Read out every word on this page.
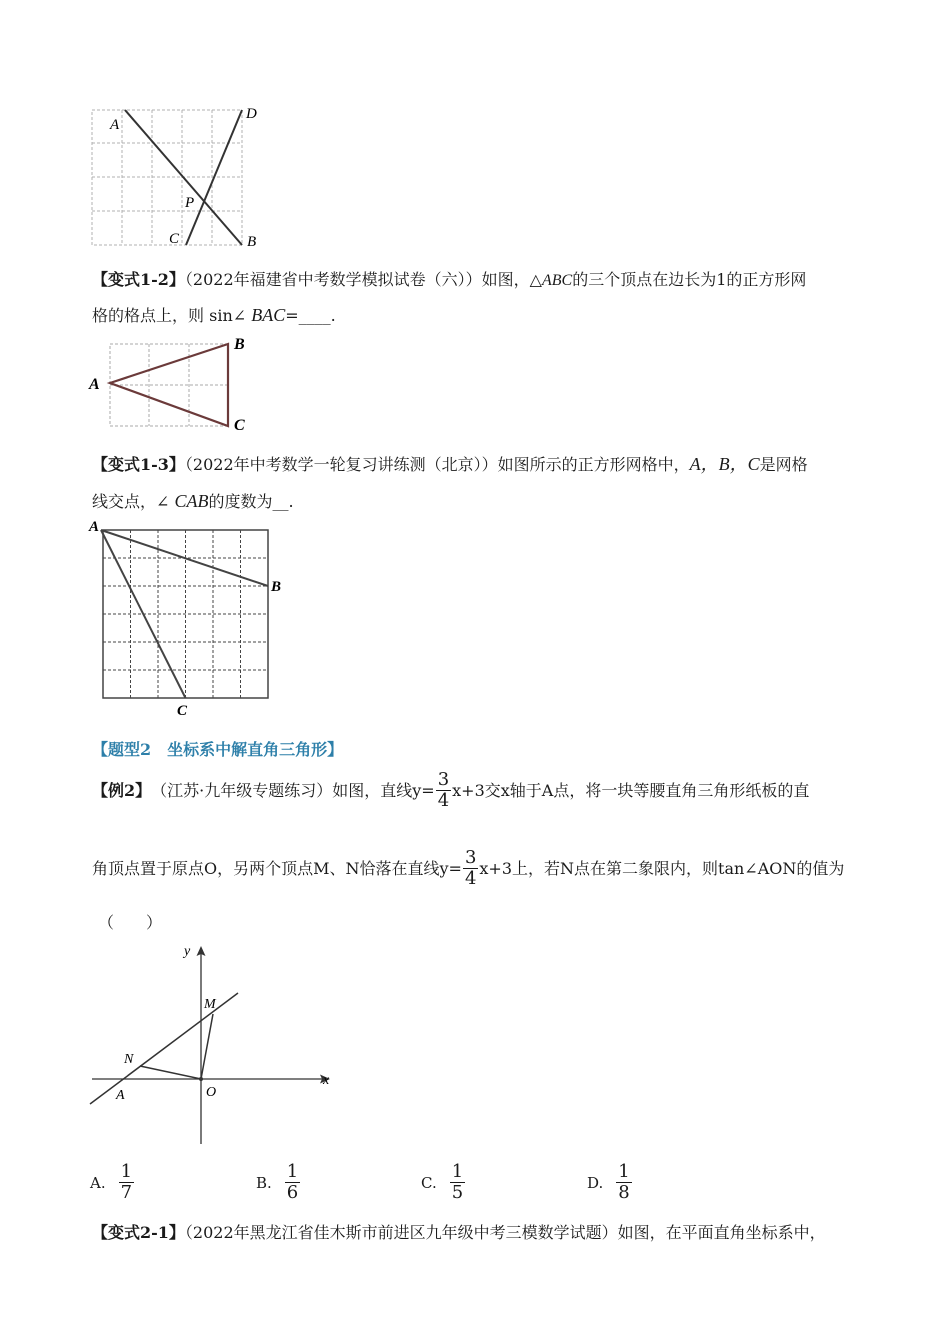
A
D
P
C	B
【变式1-2】（2022年福建省中考数学模拟试卷（六））如图，△ABC的三个顶点在边长为1的正方形网
格的格点上，则 sin∠ BAC=____.
A
B
C
【变式1-3】（2022年中考数学一轮复习讲练测（北京））如图所示的正方形网格中，A，B，C是网格
线交点，∠ CAB的度数为__.
A
B
C
【题型2　坐标系中解直角三角形】
【例2】 （江苏·九年级专题练习）如图，直线$y= \frac{3}{4} x+3$交x轴于A点，将一块等腰直角三角形纸板的直
角顶点置于原点O，另两个顶点M、N恰落在直线$y= \frac{3}{4} x+3$上，若N点在第二象限内，则tan∠AON的值为
（　　）
y
x
M
N
O
A
A. $\frac{1}{7}$	B. $\frac{1}{6}$	C. $\frac{1}{5}$	D. $\frac{1}{8}$
【变式2-1】（2022年黑龙江省佳木斯市前进区九年级中考三模数学试题）如图，在平面直角坐标系中，
